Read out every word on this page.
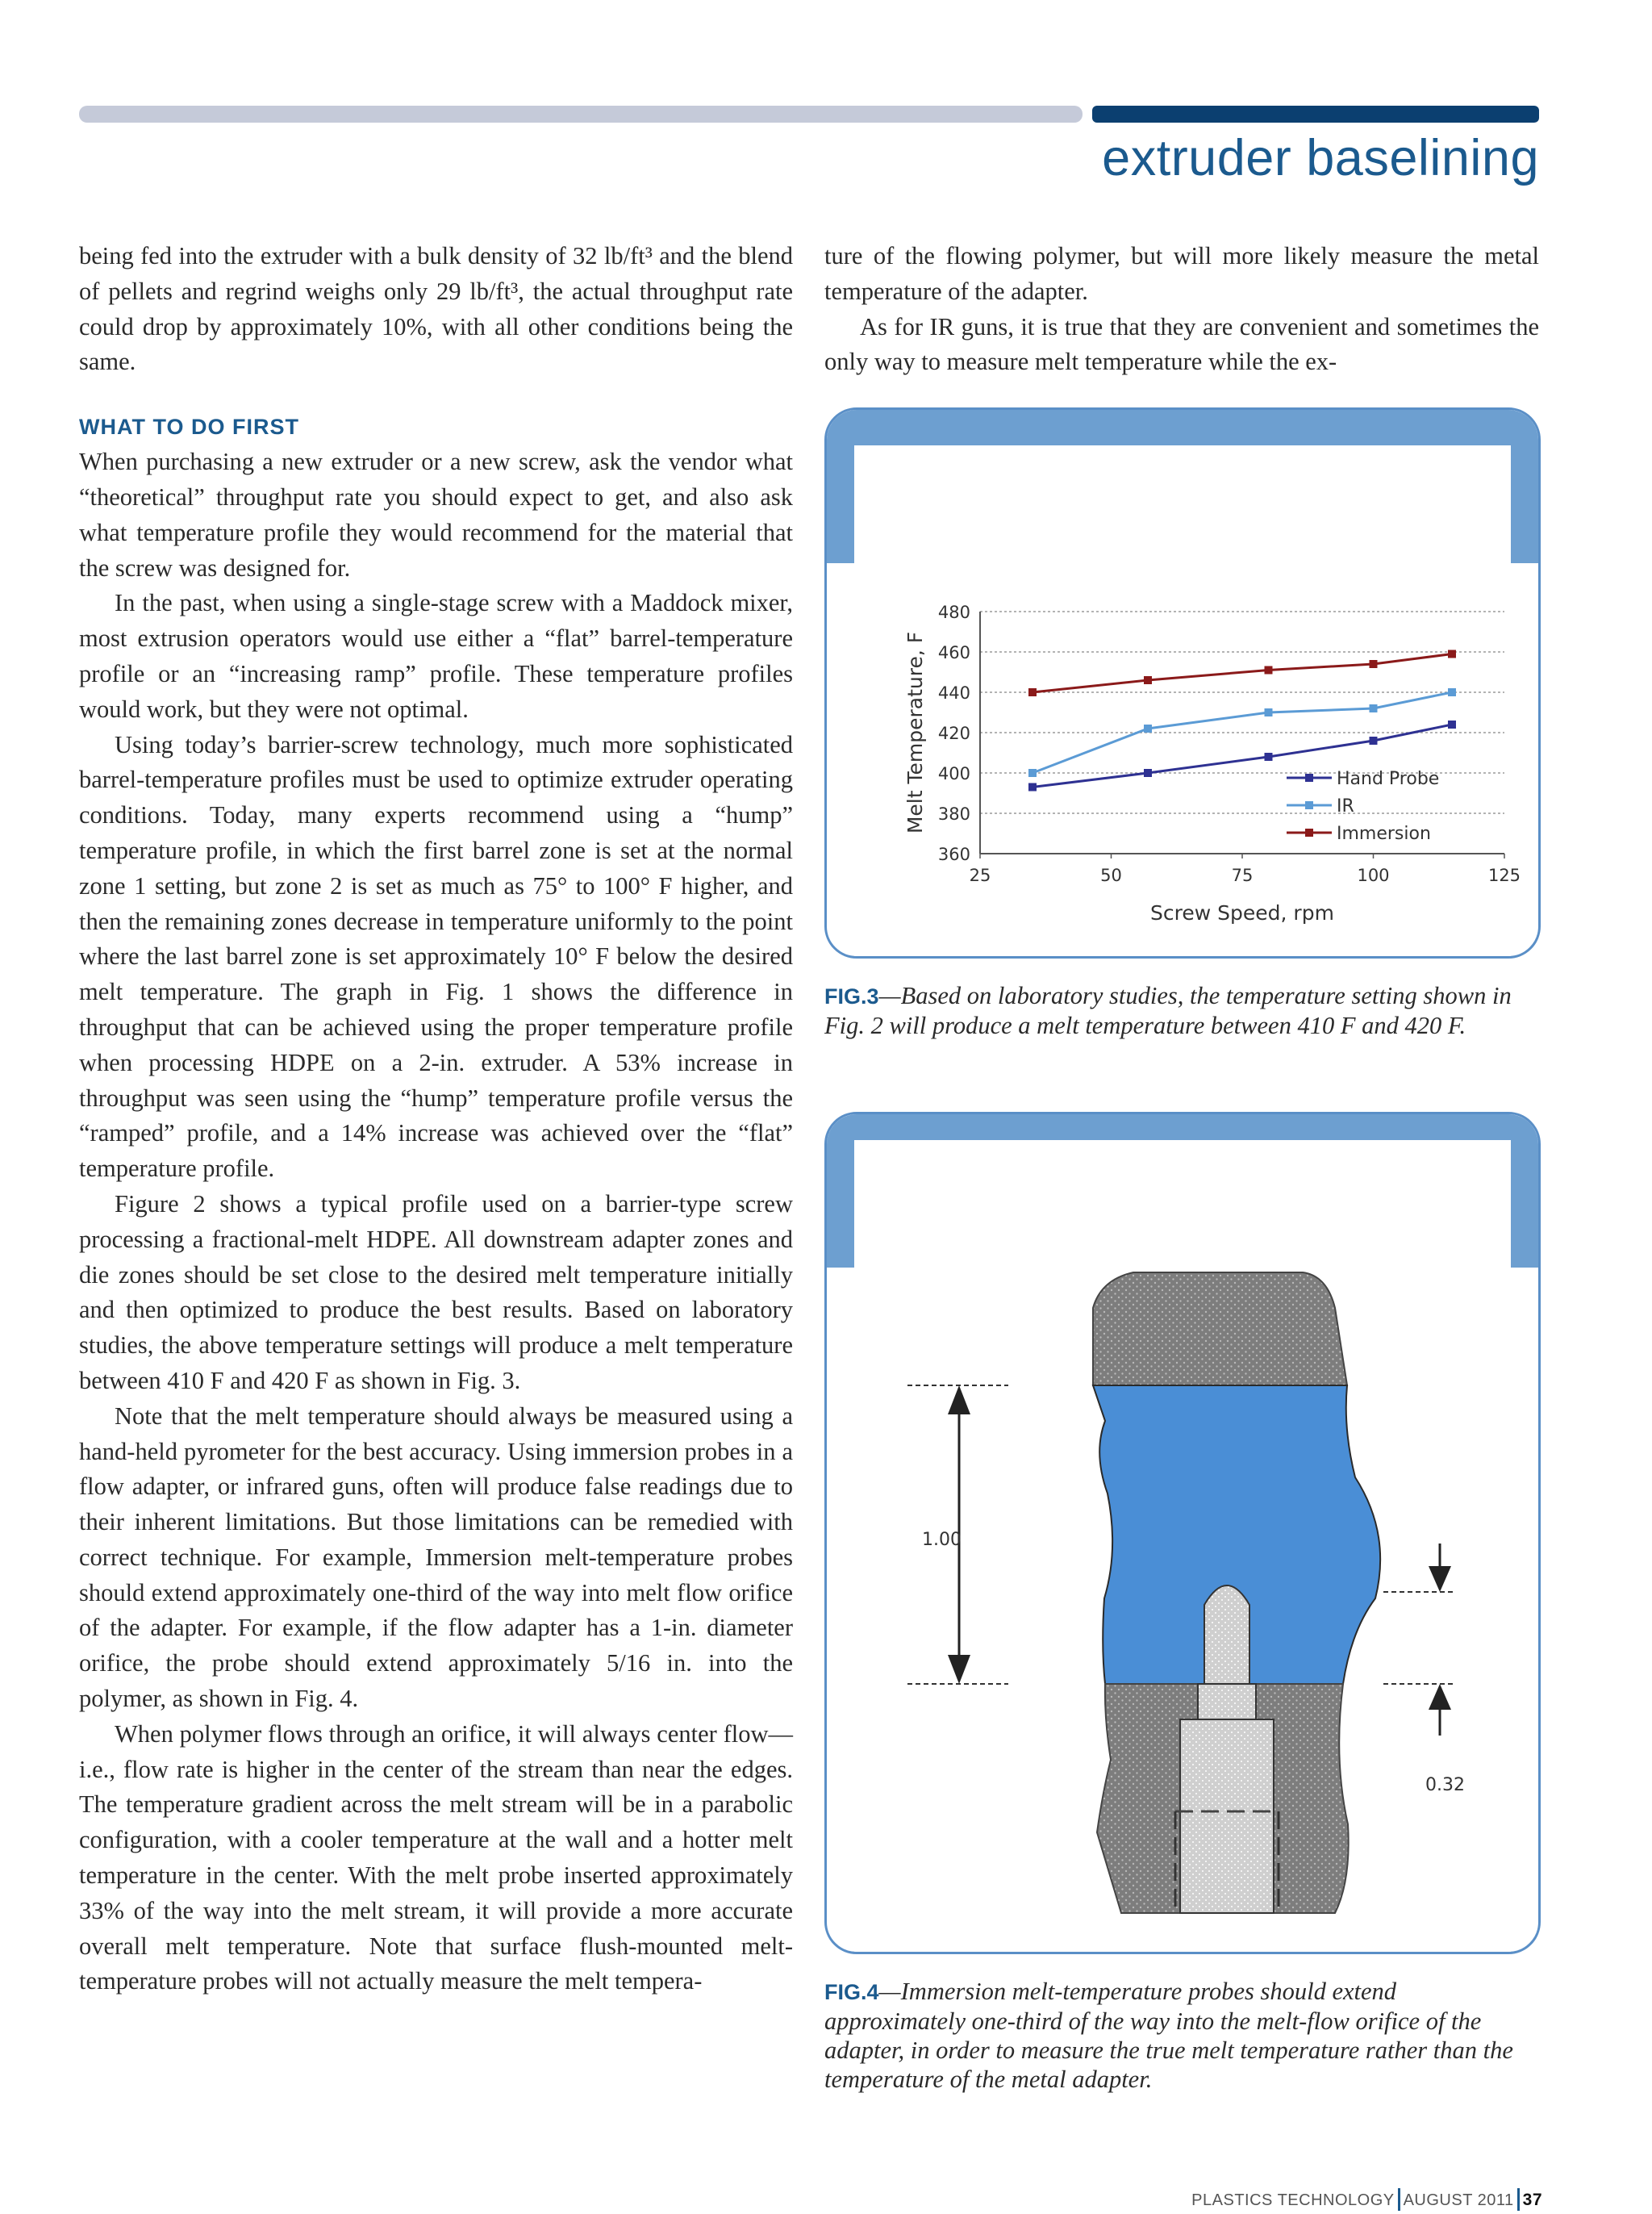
extruder baselining

being fed into the extruder with a bulk density of 32 lb/ft³ and the blend of pellets and regrind weighs only 29 lb/ft³, the actual throughput rate could drop by approximately 10%, with all other conditions being the same.

WHAT TO DO FIRST

When purchasing a new extruder or a new screw, ask the vendor what “theoretical” throughput rate you should expect to get, and also ask what temperature profile they would recommend for the material that the screw was designed for.

In the past, when using a single-stage screw with a Maddock mixer, most extrusion operators would use either a “flat” barrel-temperature profile or an “increasing ramp” profile. These temperature profiles would work, but they were not optimal.

Using today’s barrier-screw technology, much more sophisticated barrel-temperature profiles must be used to optimize extruder operating conditions. Today, many experts recommend using a “hump” temperature profile, in which the first barrel zone is set at the normal zone 1 setting, but zone 2 is set as much as 75° to 100° F higher, and then the remaining zones decrease in temperature uniformly to the point where the last barrel zone is set approximately 10° F below the desired melt temperature. The graph in Fig. 1 shows the difference in throughput that can be achieved using the proper temperature profile when processing HDPE on a 2-in. extruder. A 53% increase in throughput was seen using the “hump” temperature profile versus the “ramped” profile, and a 14% increase was achieved over the “flat” temperature profile.

Figure 2 shows a typical profile used on a barrier-type screw processing a fractional-melt HDPE. All downstream adapter zones and die zones should be set close to the desired melt temperature initially and then optimized to produce the best results. Based on laboratory studies, the above temperature settings will produce a melt temperature between 410 F and 420 F as shown in Fig. 3.

Note that the melt temperature should always be measured using a hand-held pyrometer for the best accuracy. Using immersion probes in a flow adapter, or infrared guns, often will produce false readings due to their inherent limitations. But those limitations can be remedied with correct technique. For example, Immersion melt-temperature probes should extend approximately one-third of the way into melt flow orifice of the adapter. For example, if the flow adapter has a 1-in. diameter orifice, the probe should extend approximately 5/16 in. into the polymer, as shown in Fig. 4.

When polymer flows through an orifice, it will always center flow—i.e., flow rate is higher in the center of the stream than near the edges. The temperature gradient across the melt stream will be in a parabolic configuration, with a cooler temperature at the wall and a hotter melt temperature in the center. With the melt probe inserted approximately 33% of the way into the melt stream, it will provide a more accurate overall melt temperature. Note that surface flush-mounted melt-temperature probes will not actually measure the melt tempera-

ture of the flowing polymer, but will more likely measure the metal temperature of the adapter.

As for IR guns, it is true that they are convenient and sometimes the only way to measure melt temperature while the ex-

480
460
440
420
400
380
360
25	50	75	100	125
Screw Speed, rpm
Melt Temperature, F	Hand Probe
IR
Immersion
FIG.3—Based on laboratory studies, the temperature setting shown in Fig. 2 will produce a melt temperature between 410 F and 420 F.
1.00
0.32
FIG.4—Immersion melt-temperature probes should extend approximately one-third of the way into the melt-flow orifice of the adapter, in order to measure the true melt temperature rather than the temperature of the metal adapter.
PLASTICS TECHNOLOGY AUGUST 2011 37
